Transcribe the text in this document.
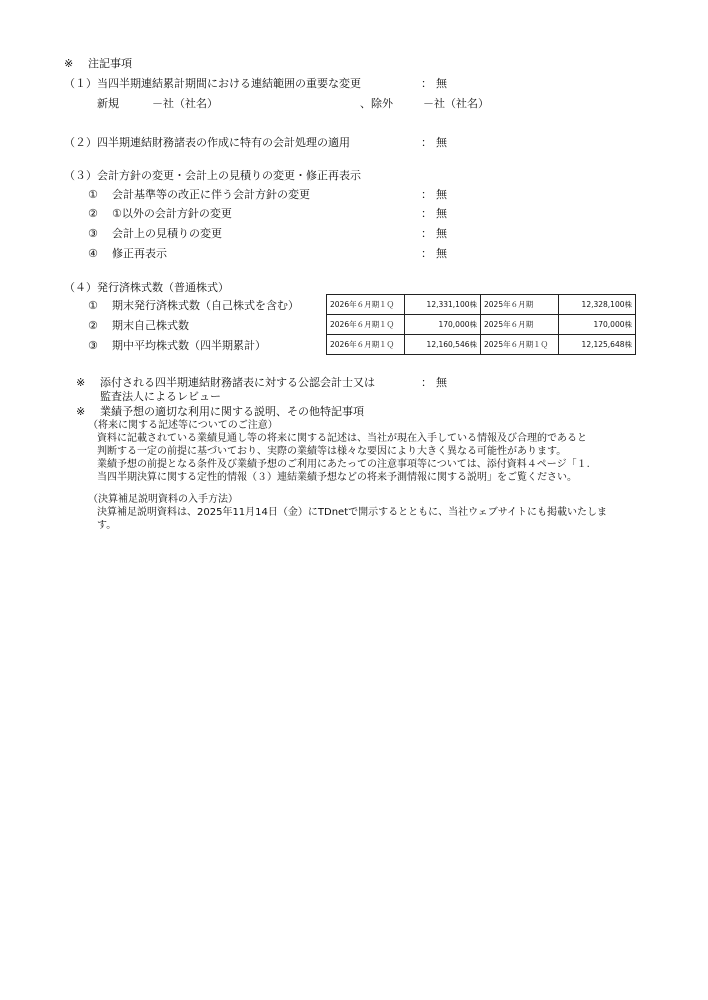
※ 注記事項
（１）当四半期連結累計期間における連結範囲の重要な変更	： 無
新規	－社（社名）	、除外	－社（社名）
（２）四半期連結財務諸表の作成に特有の会計処理の適用	： 無
（３）会計方針の変更・会計上の見積りの変更・修正再表示
① 会計基準等の改正に伴う会計方針の変更	： 無
② ①以外の会計方針の変更	： 無
③ 会計上の見積りの変更	： 無
④ 修正再表示	： 無
（４）発行済株式数（普通株式）
① 期末発行済株式数（自己株式を含む）
② 期末自己株式数
③ 期中平均株式数（四半期累計）
2026年６月期１Ｑ	12,331,100株	2025年６月期	12,328,100株
2026年６月期１Ｑ	170,000株	2025年６月期	170,000株
2026年６月期１Ｑ	12,160,546株	2025年６月期１Ｑ	12,125,648株
※ 添付される四半期連結財務諸表に対する公認会計士又は	： 無
監査法人によるレビュー
※ 業績予想の適切な利用に関する説明、その他特記事項
（将来に関する記述等についてのご注意）
資料に記載されている業績見通し等の将来に関する記述は、当社が現在入手している情報及び合理的であると
判断する一定の前提に基づいており、実際の業績等は様々な要因により大きく異なる可能性があります。
業績予想の前提となる条件及び業績予想のご利用にあたっての注意事項等については、添付資料４ページ「１.
当四半期決算に関する定性的情報（３）連結業績予想などの将来予測情報に関する説明」をご覧ください。
（決算補足説明資料の入手方法）
決算補足説明資料は、2025年11月14日（金）にTDnetで開示するとともに、当社ウェブサイトにも掲載いたしま
す。
